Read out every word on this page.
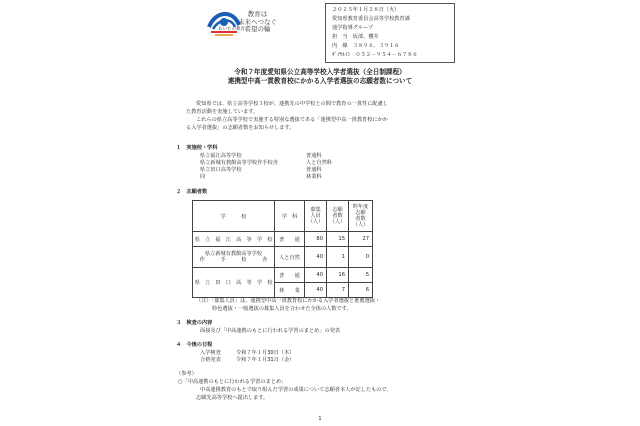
あいちの教育
教育は
未来へつなぐ
希望の輪
２０２５年１月２８日（火）
愛知県教育委員会高等学校教育課
通学指導グループ
担　当　坂部、櫻井
内　線　３８９６、３９１６
ﾀﾞｲﾔﾙｲﾝ　０５２－９５４－６７８６
令和７年度愛知県公立高等学校入学者選抜（全日制課程）
連携型中高一貫教育校にかかる入学者選抜の志願者数について
愛知県では、県立高等学校３校が、連携先の中学校との間で教育の一貫性に配慮し
た教育活動を実施しています。
これらの県立高等学校で実施する特別な選抜である「連携型中高一貫教育校にかか
る入学者選抜」の志願者数をお知らせします。
１　実施校・学科
県立福江高等学校	普通科
県立新城有教館高等学校作手校舎	人と自然科
県立田口高等学校	普通科
同	林業科
２　志願者数
学　　　校	学　科	募集
人員
（人）	志願
者数
（人）	昨年度
志願
者数
（人）
県　立　福　江　高　等　学　校	普　　通	80	15	27

県立新城有教館高等学校
作　　　手　　　校　　　舎	人と自然	40	1	0
県　立　田　口　高　等　学　校	普　　通	40	16	5
	林　　業	40	7	6
（注）「募集人員」は、連携型中高一貫教育校にかかる入学者選抜と推薦選抜・
特色選抜・一般選抜の募集人員を合わせた全体の人数です。
３　検査の内容
面接及び「中高連携のもとに行われる学習のまとめ」の発表
４　今後の日程
入学検査	令和７年１月30日（木）
合格発表	令和７年１月31日（金）
（参考）
○「中高連携のもとに行われる学習のまとめ」
中高連携教育のもとで取り組んだ学習の成果について志願者本人が記したもので、
志願先高等学校へ提出します。
1
